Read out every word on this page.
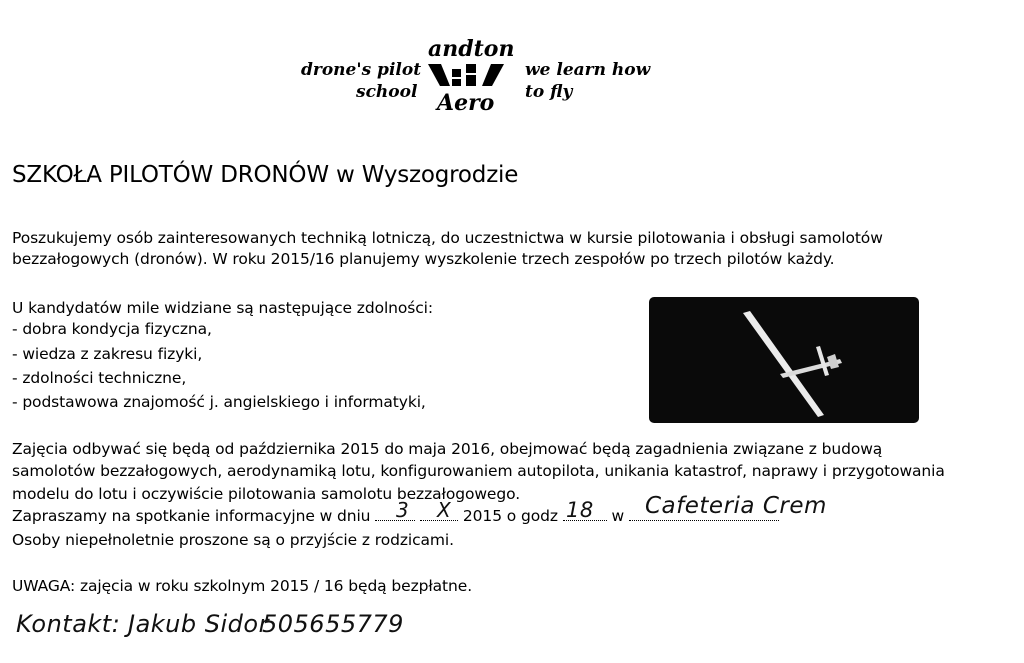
drone's pilot
school
andton
Aero
we learn how
to fly
SZKOŁA PILOTÓW DRONÓW w Wyszogrodzie
Poszukujemy osób zainteresowanych techniką lotniczą, do uczestnictwa w kursie pilotowania i obsługi samolotów
bezzałogowych (dronów). W roku 2015/16 planujemy wyszkolenie trzech zespołów po trzech pilotów każdy.
U kandydatów mile widziane są następujące zdolności:
- dobra kondycja fizyczna,
- wiedza z zakresu fizyki,
- zdolności techniczne,
- podstawowa znajomość j. angielskiego i informatyki,
Zajęcia odbywać się będą od października 2015 do maja 2016, obejmować będą zagadnienia związane z budową
samolotów bezzałogowych, aerodynamiką lotu, konfigurowaniem autopilota, unikania katastrof, naprawy i przygotowania
modelu do lotu i oczywiście pilotowania samolotu bezzałogowego.
Zapraszamy na spotkanie informacyjne w dniu	2015 o godz	w
3 X	18 Cafeteria Crem
Osoby niepełnoletnie proszone są o przyjście z rodzicami.
UWAGA: zajęcia w roku szkolnym 2015 / 16 będą bezpłatne.
Kontakt: Jakub Sidor
505655779
